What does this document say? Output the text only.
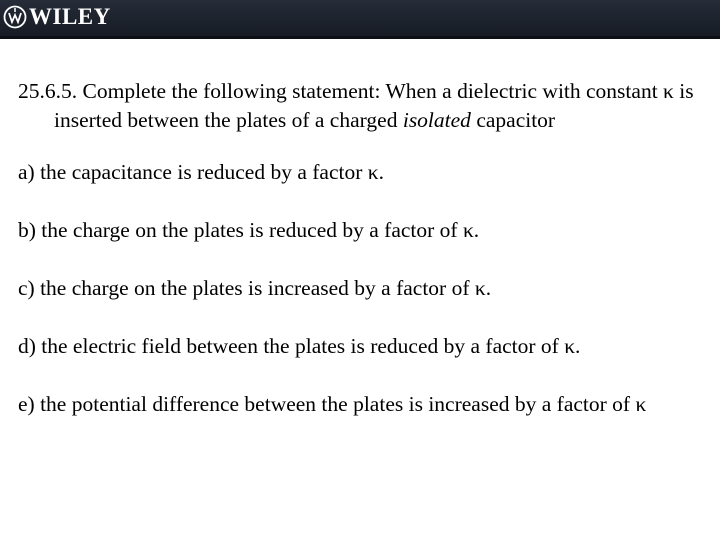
WILEY

25.6.5. Complete the following statement: When a dielectric with constant κ is inserted between the plates of a charged isolated capacitor

a) the capacitance is reduced by a factor κ.

b) the charge on the plates is reduced by a factor of κ.

c) the charge on the plates is increased by a factor of κ.

d) the electric field between the plates is reduced by a factor of κ.

e) the potential difference between the plates is increased by a factor of κ
